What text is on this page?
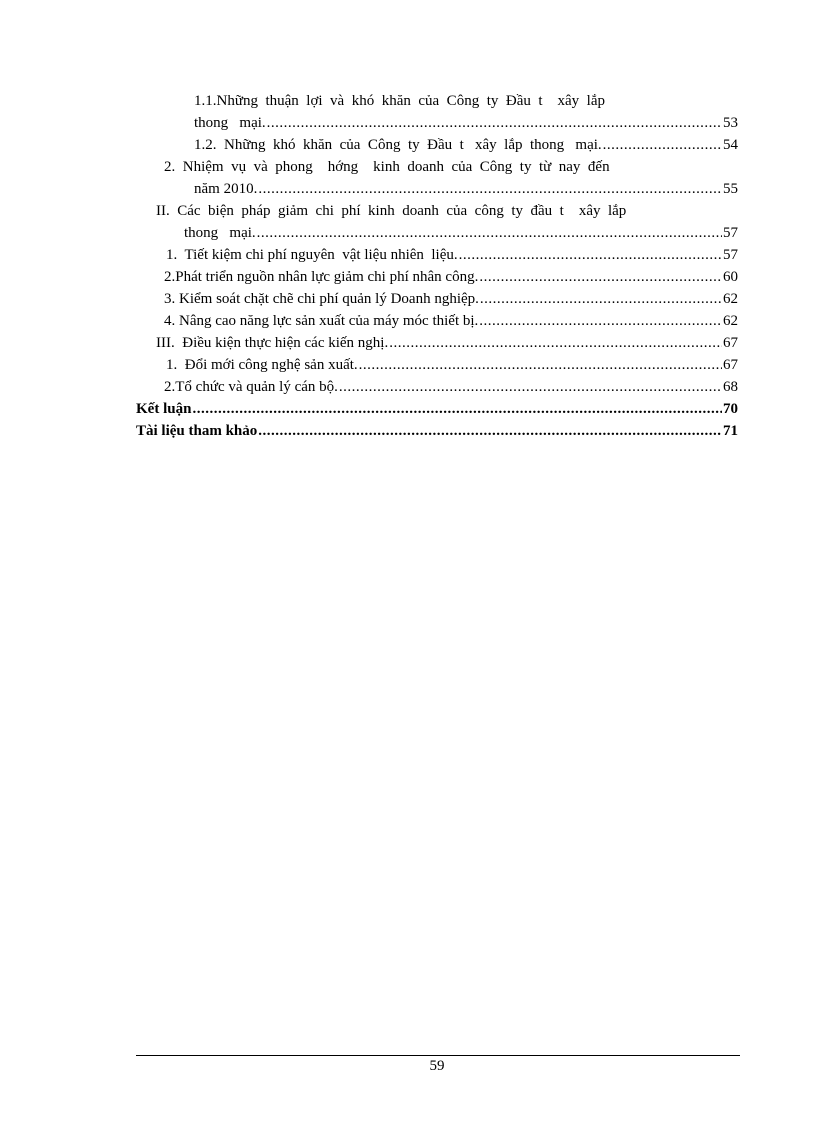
1.1.Những  thuận  lợi  và  khó  khăn  của  Công  ty  Đầu  t    xây  lắp
thong   mại. .....	53
1.2.  Những  khó  khăn  của  Công  ty  Đầu  t   xây  lắp  thong   mại. .....	54
2.  Nhiệm  vụ  và  phong    hớng    kinh  doanh  của  Công  ty  từ  nay  đến
năm 2010. .....	55
II.  Các  biện  pháp  giảm  chi  phí  kinh  doanh  của  công  ty  đầu  t    xây  lắp
thong   mại. .....	57
1.  Tiết kiệm chi phí nguyên  vật liệu nhiên  liệu. .....	57
2.Phát triển nguồn nhân lực giảm chi phí nhân công. .....	60
3. Kiểm soát chặt chẽ chi phí quản lý Doanh nghiệp. .....	62
4. Nâng cao năng lực sản xuất của máy móc thiết bị. .....	62
III.  Điều kiện thực hiện các kiến nghị. .....	67
1.  Đổi mới công nghệ sản xuất. .....	67
2.Tổ chức và quản lý cán bộ. .....	68
Kết luận .....	70
Tài liệu tham khảo .....	71
59
